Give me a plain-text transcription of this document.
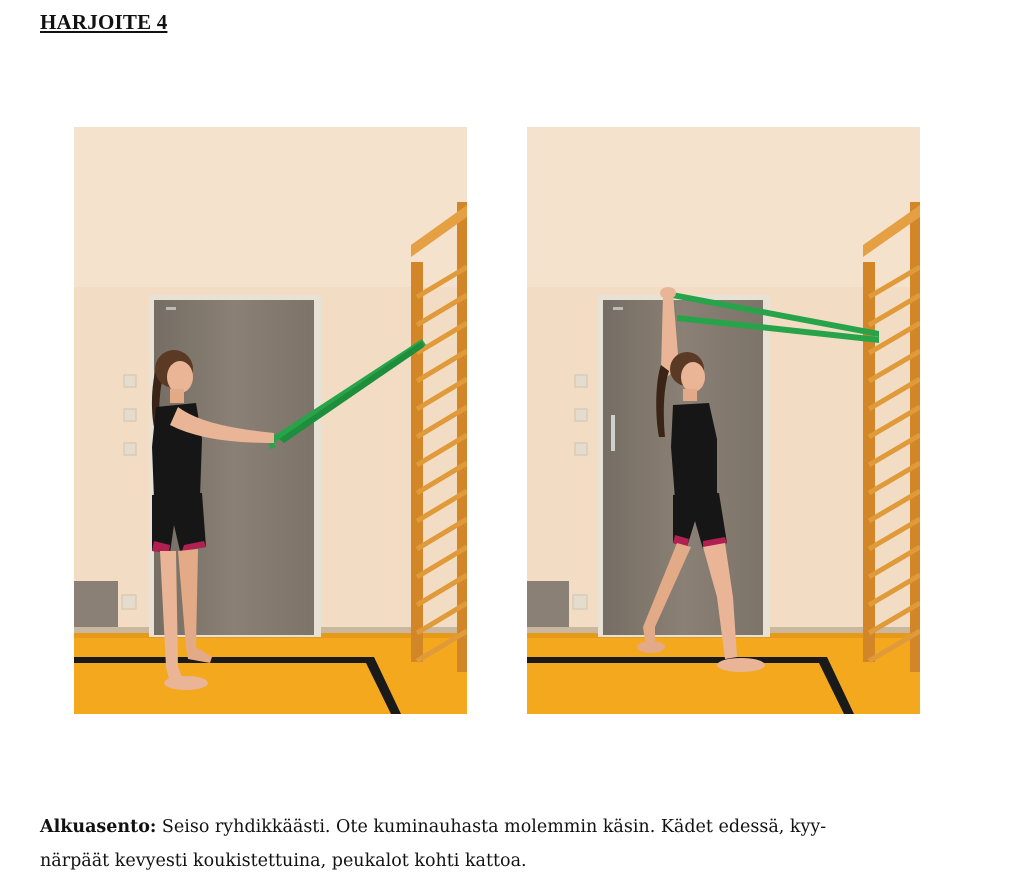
HARJOITE 4
Alkuasento: Seiso ryhdikkäästi. Ote kuminauhasta molemmin käsin. Kädet edessä, kyy-
närpäät kevyesti koukistettuina, peukalot kohti kattoa.
